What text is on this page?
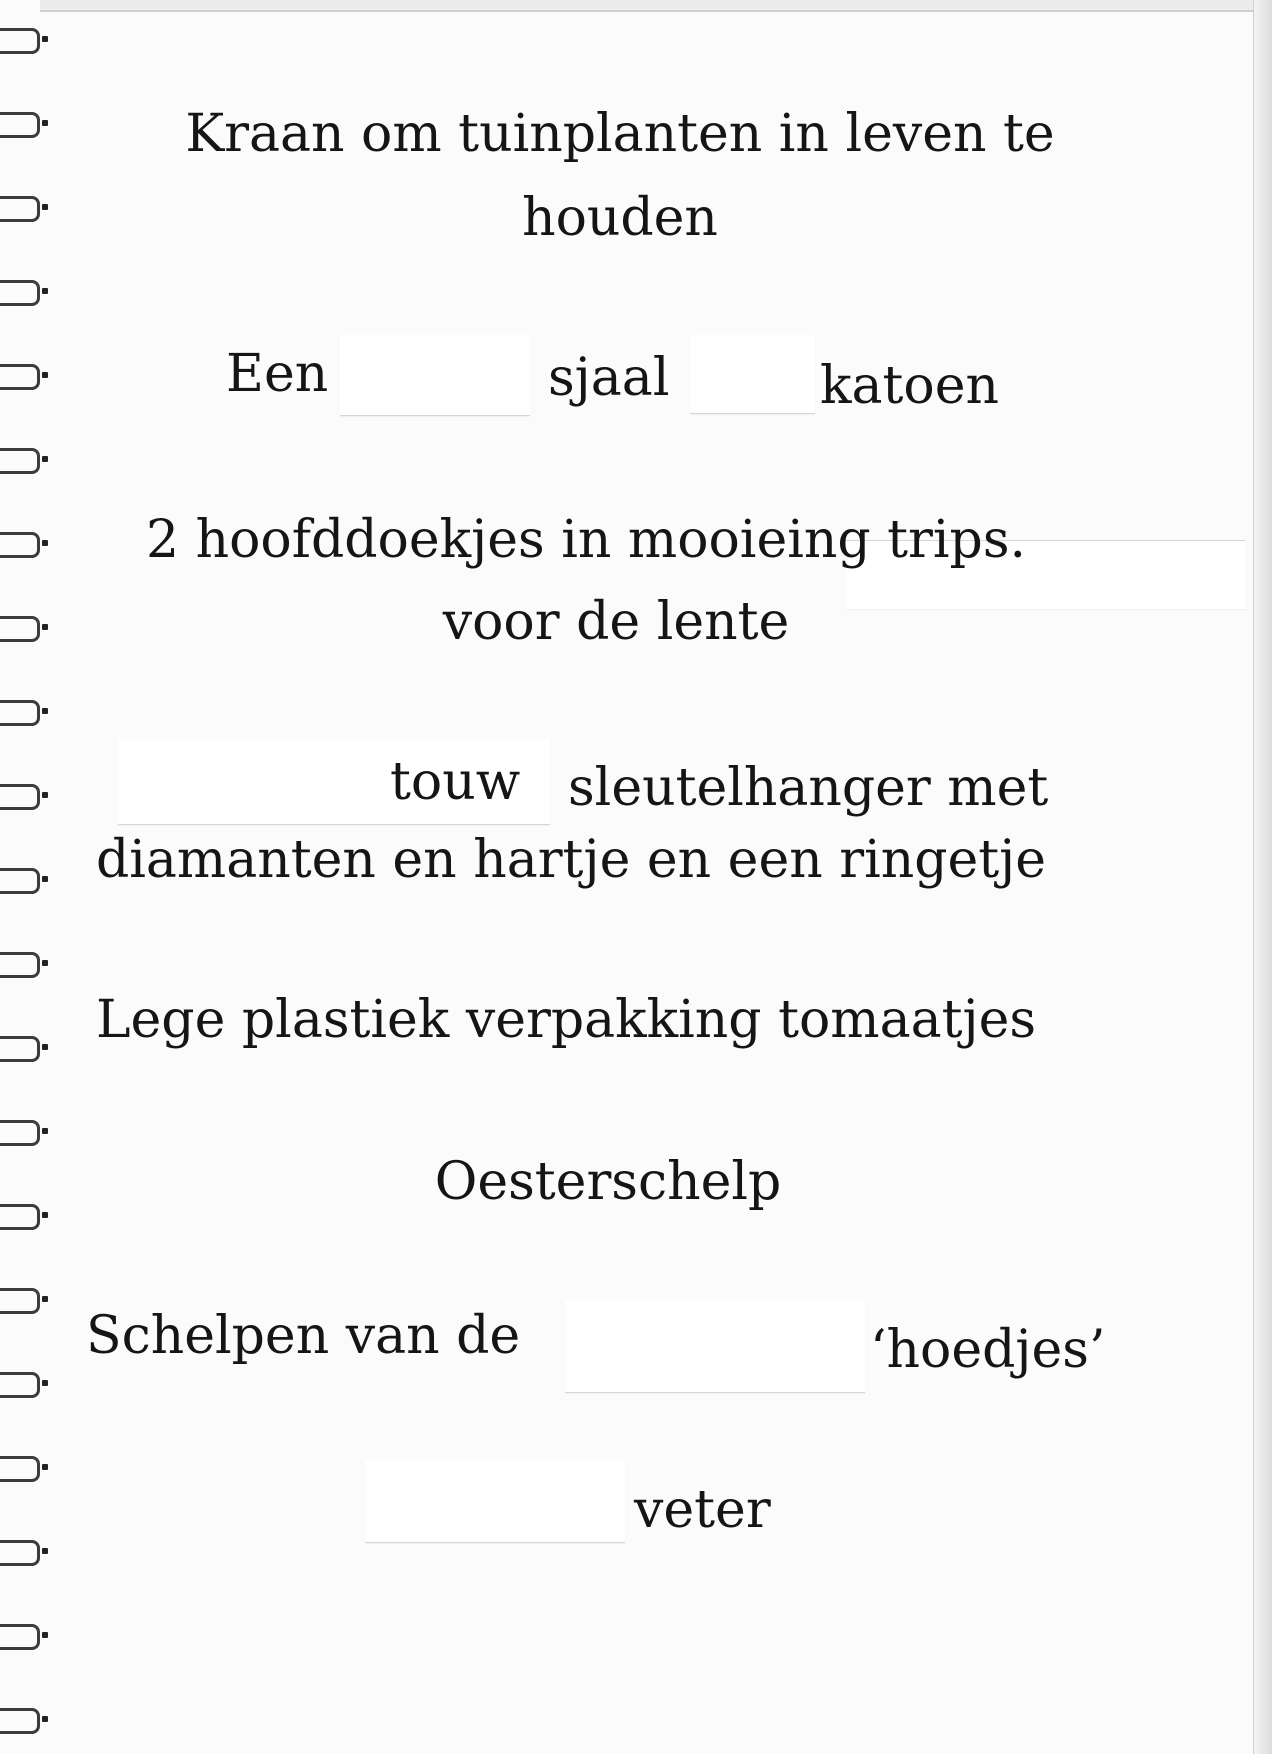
Kraan om tuinplanten in leven te
houden
Een	sjaal	katoen
2 hoofddoekjes in mooieing trips.
voor de lente
touw sleutelhanger met
diamanten en hartje en een ringetje
Lege plastiek verpakking tomaatjes
Oesterschelp
Schelpen van de	‘hoedjes’
veter
